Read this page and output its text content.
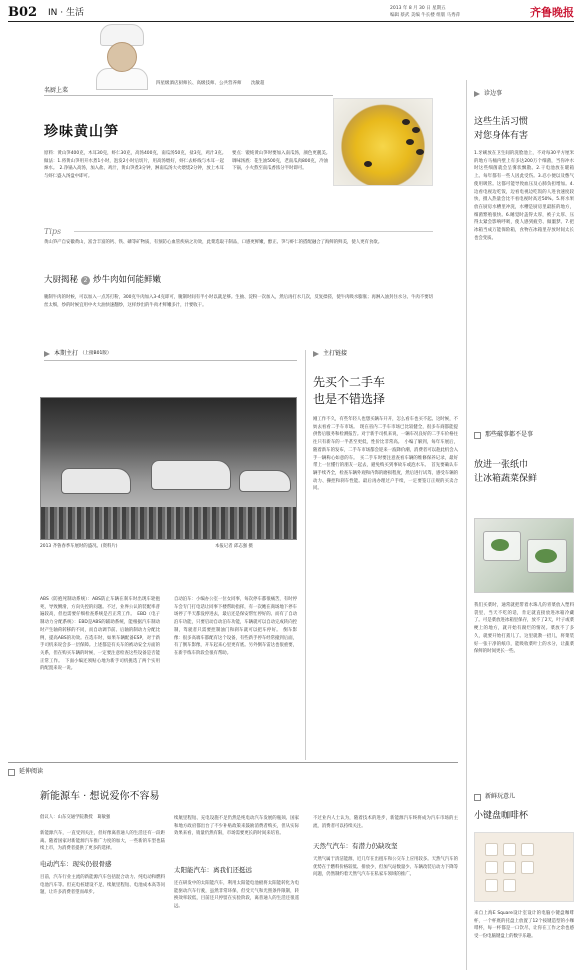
B02 IN · 生活	2013 年 8 月 30 日 星期五
编辑 蔡武 美编 牛长楼 组版 马秀萍	齐鲁晚报
四星级酒店厨师长、高级技师、公共营养师 沈敏超
名厨上菜
珍味黄山笋
原料：黄山笋400克，木耳30克，虾仁30克，高汤400克，南瓜汤50克，盐3克，鸡汁3克。　做法：1.将黄山笋用开水煮1小时，泡发2小时后切片，用高汤煨好，虾仁去虾线与木耳一起焯水。　2.净锅入高汤，加入盐、鸡汁，黄山笋煮3分钟，淋南瓜汤大火煨烧2分钟，放上木耳与虾仁盛入汤盘中即可。
要点：锻炖黄山笋时要加入南瓜汤，颜色更靓美。　调味汤底：花生油500克，老南瓜肉800克，冷油下锅，小火熬至南瓜香浓分半时即可。
Tips
黄山笋产自安徽黄山，富含丰富的钙、铁、磷等矿物质，有预防心血管疾病之功效，此菜选取干制品，口感更鲜嫩，醇正、笋与虾仁的搭配融合了海鲜的鲜美，使人更有食欲。
大厨揭秘 2 炒牛肉如何能鲜嫩
腌制牛肉的时候，可以加入一点苏打粉，300克牛肉加入3-4克即可，腌制时间有半小时以就足够。生抽、淀粉一次加入，然后再打水几次，反复揉搓，使牛肉吸水膨胀；再淋入油封住水分。牛肉不要切丝太细，炒的时候宜用中火大油快速翻炒，这样炒出的牛肉才鲜嫩多汁，汁要收干。
诊边事
这些生活习惯
对您身体有害
1.牙刷放在卫生间的洗脸池上，不对每30平方厘米的地方马桶内壁上有多达200万个细菌，当你冲水时这些细菌就会呈雾状飘散。2.干电池放在暖箱上。每年都有一些人因此受伤。3.忍小便以及憋气使用吸管。这都可能导致血压及心肺负担增加。4.边看电视边吃饭，边看电视边吃饭的人进食速度较快，摄入热量会比不看电视时高近50%。5.将水果放在厨房水槽里冲洗，水槽是厨房里最脏的地方，细菌繁殖很快。6.睡觉时盖得太厚，被子太厚、压得太紧会影响呼吸，使人感到疲劳、做噩梦。7.把冰箱当成万能保险箱，食物在冰箱里存放时间太长也会变质。
那些破事都不是事
放进一张纸巾
让冰箱蔬菜保鲜
我们买菜时，通常就把带着水珠儿的青菜放入塑料袋里，当天不吃的话，肯定就直接放进冰箱冷藏了。可是菜放进冰箱里保存，放不了2天，叶子或菜梗上的地方，就开始有腐烂的情况。菜放不了多久，就要开始打蔫儿了。这里就教一招儿，将菜装好一张干净的纸巾，能吸收菜叶上的水分，让蔬菜保鲜的时间更长一些。
新鲜玩意儿
小键盘咖啡杯
来自上海E Square设计室设计的电脑小键盘咖啡杯，一个杯底的托盘上放置了12个按键造型的小咖啡杯，每一杯都是一口饮尽，让你在工作之余也感受一份电脑键盘上的数字乐趣。
本期主打 （上接B01版）
2013 齐鲁春季车展时的盛况。(资料片)	本报记者 邱志强 摄
ABS（防抱死制动系统）：ABS防止车辆在刹车时出现车轮抱死，导致侧滑，方向失控的问题。不过，业界公认的装配率普遍较高，但也需要仔细检查系统是否正常工作。　EBD（电子制动力分配系统）：EBD是ABS的辅助系统，能根据汽车制动时产生轴荷转移的不同，而自动调节前、后轴的制动力分配比例，提高ABS的功效。在选车时，如果车辆配备ESP，对于新手司机来说会多一层保障。上述都是有关车的被动安全方面的关系，但在购买车辆的时候，一定要注意检查这些设备是否能正常工作。　下面小编还须贴心地为新手司机挑选了两个实用的配置来说一说。
自动泊车：小编办公室一位女同事，每次停车都很痛苦，有时停车会专门打电话让同事下楼帮助指挥，有一次她在商场地下停车场停了半天都没停进去，最后还是保安帮忙停好的。而有了自动泊车功能，只要启动自动泊车功能，车辆就可以自动完成转向控制，驾驶者只需要控制油门和刹车就可以把车停好。　倒车影像：很多高端车都配有这个设备，有些新手停车经常撞到后面，有了倒车影像，开车起来心里更有底。另外倒车雷达也很重要，在新手练车阶段会很有帮助。
主打链接
先买个二手车
也是不错选择
刚工作不久，有些年轻人也想买辆车开开，怎么看车也买不起。这时候，不妨去看看二手车市场。　现在省内二手车市场已比较健全，很多车商都能提供售后服务和检测报告。对于新手司机来说，一辆车况良好的二手车价格往往只有新车的一半甚至更低，性价比非常高。　小编了解到，每年车展后，随着新车的发布，二手车市场都会迎来一波降价潮，消费者可以趁此机会入手一辆称心如意的车。　买二手车时要注意查看车辆的维修保养记录，最好带上一位懂行的朋友一起去，避免购买到事故车或泡水车。　首先要确认车辆手续齐全，检查车辆外观和内饰的磨损程度，然后进行试驾，感受车辆的动力、操控和刹车性能。最后再办理过户手续，一定要签订正规的买卖合同。
延伸阅读
新能源车 · 想说爱你不容易
倡议人：山东交通学院教授　葛敏强
新能源汽车，一直受到关注，但好像离普通人的生活还有一段距离。随着国家对新能源汽车推广力度的加大，一些新的车型也陆续上市，为消费者提供了更多的选择。
电动汽车：现实仍很骨感
目前，汽车行业主流的新能源汽车包括混合动力、纯电动和燃料电池汽车等。但充电桩建设不足、续航里程短、电池成本高等问题，让许多消费者望而却步。
续航里程短、充电设施不足仍然是纯电动汽车发展的瓶颈。国家和地方政府都出台了不少补贴政策来鼓励消费者购买，但从实际效果来看，销量仍然有限，市场需要更长的时间来培育。
太阳能汽车：离我们还挺远
还在研发中的太阳能汽车，利用太阳能电池板将太阳能转化为电能驱动汽车行驶，虽然非常环保，但受天气和光照条件限制，转换效率较低，目前还只停留在实验阶段，离普通人的生活还很遥远。
不过业内人士认为，随着技术的进步，新能源汽车终将成为汽车市场的主流，消费者可以持续关注。
天然气汽车：有潜力仍缺攻坚
天然气属于清洁能源，近几年在出租车和公交车上应用较多。天然气汽车的优势在于燃料价格较低、排放少，但加气站数量少、车辆改装后动力下降等问题，仍然制约着天然气汽车在私家车领域的推广。
